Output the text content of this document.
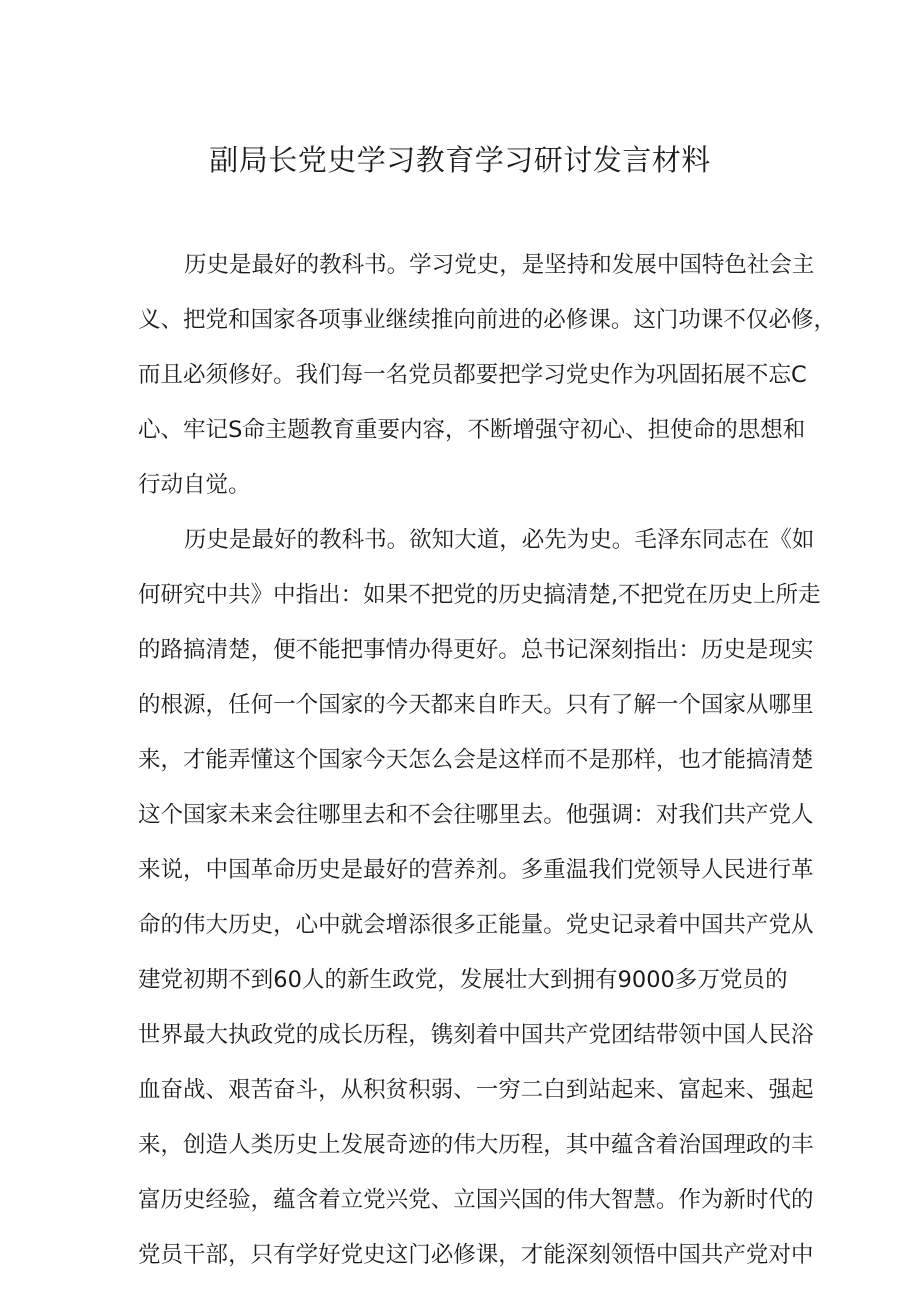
副局长党史学习教育学习研讨发言材料
历 史 是 最 好 的 教 科 书 。 学 习 党 史 ， 是 坚 持 和 发 展 中 国 特 色 社 会 主
义 、 把 党 和 国 家 各 项 事 业 继 续 推 向 前 进 的 必 修 课 。 这 门 功 课 不 仅 必 修 ，
而 且 必 须 修 好 。 我 们 每 一 名 党 员 都 要 把 学 习 党 史 作 为 巩 固 拓 展 不 忘 C
心 、 牢 记 S 命 主 题 教 育 重 要 内 容 ， 不 断 增 强 守 初 心 、 担 使 命 的 思 想 和
行 动 自 觉 。
历 史 是 最 好 的 教 科 书 。 欲 知 大 道 ， 必 先 为 史 。 毛 泽 东 同 志 在 《 如
何 研 究 中 共 》 中 指 出 ： 如 果 不 把 党 的 历 史 搞 清 楚 , 不 把 党 在 历 史 上 所 走
的 路 搞 清 楚 ， 便 不 能 把 事 情 办 得 更 好 。 总 书 记 深 刻 指 出 ： 历 史 是 现 实
的 根 源 ， 任 何 一 个 国 家 的 今 天 都 来 自 昨 天 。 只 有 了 解 一 个 国 家 从 哪 里
来 ， 才 能 弄 懂 这 个 国 家 今 天 怎 么 会 是 这 样 而 不 是 那 样 ， 也 才 能 搞 清 楚
这 个 国 家 未 来 会 往 哪 里 去 和 不 会 往 哪 里 去 。 他 强 调 ： 对 我 们 共 产 党 人
来 说 ， 中 国 革 命 历 史 是 最 好 的 营 养 剂 。 多 重 温 我 们 党 领 导 人 民 进 行 革
命 的 伟 大 历 史 ， 心 中 就 会 增 添 很 多 正 能 量 。 党 史 记 录 着 中 国 共 产 党 从
建 党 初 期 不 到 60 人 的 新 生 政 党 ， 发 展 壮 大 到 拥 有 9000 多 万 党 员 的
世 界 最 大 执 政 党 的 成 长 历 程 ， 镌 刻 着 中 国 共 产 党 团 结 带 领 中 国 人 民 浴
血 奋 战 、 艰 苦 奋 斗 ， 从 积 贫 积 弱 、 一 穷 二 白 到 站 起 来 、 富 起 来 、 强 起
来 ， 创 造 人 类 历 史 上 发 展 奇 迹 的 伟 大 历 程 ， 其 中 蕴 含 着 治 国 理 政 的 丰
富 历 史 经 验 ， 蕴 含 着 立 党 兴 党 、 立 国 兴 国 的 伟 大 智 慧 。 作 为 新 时 代 的
党 员 干 部 ， 只 有 学 好 党 史 这 门 必 修 课 ， 才 能 深 刻 领 悟 中 国 共 产 党 对 中
